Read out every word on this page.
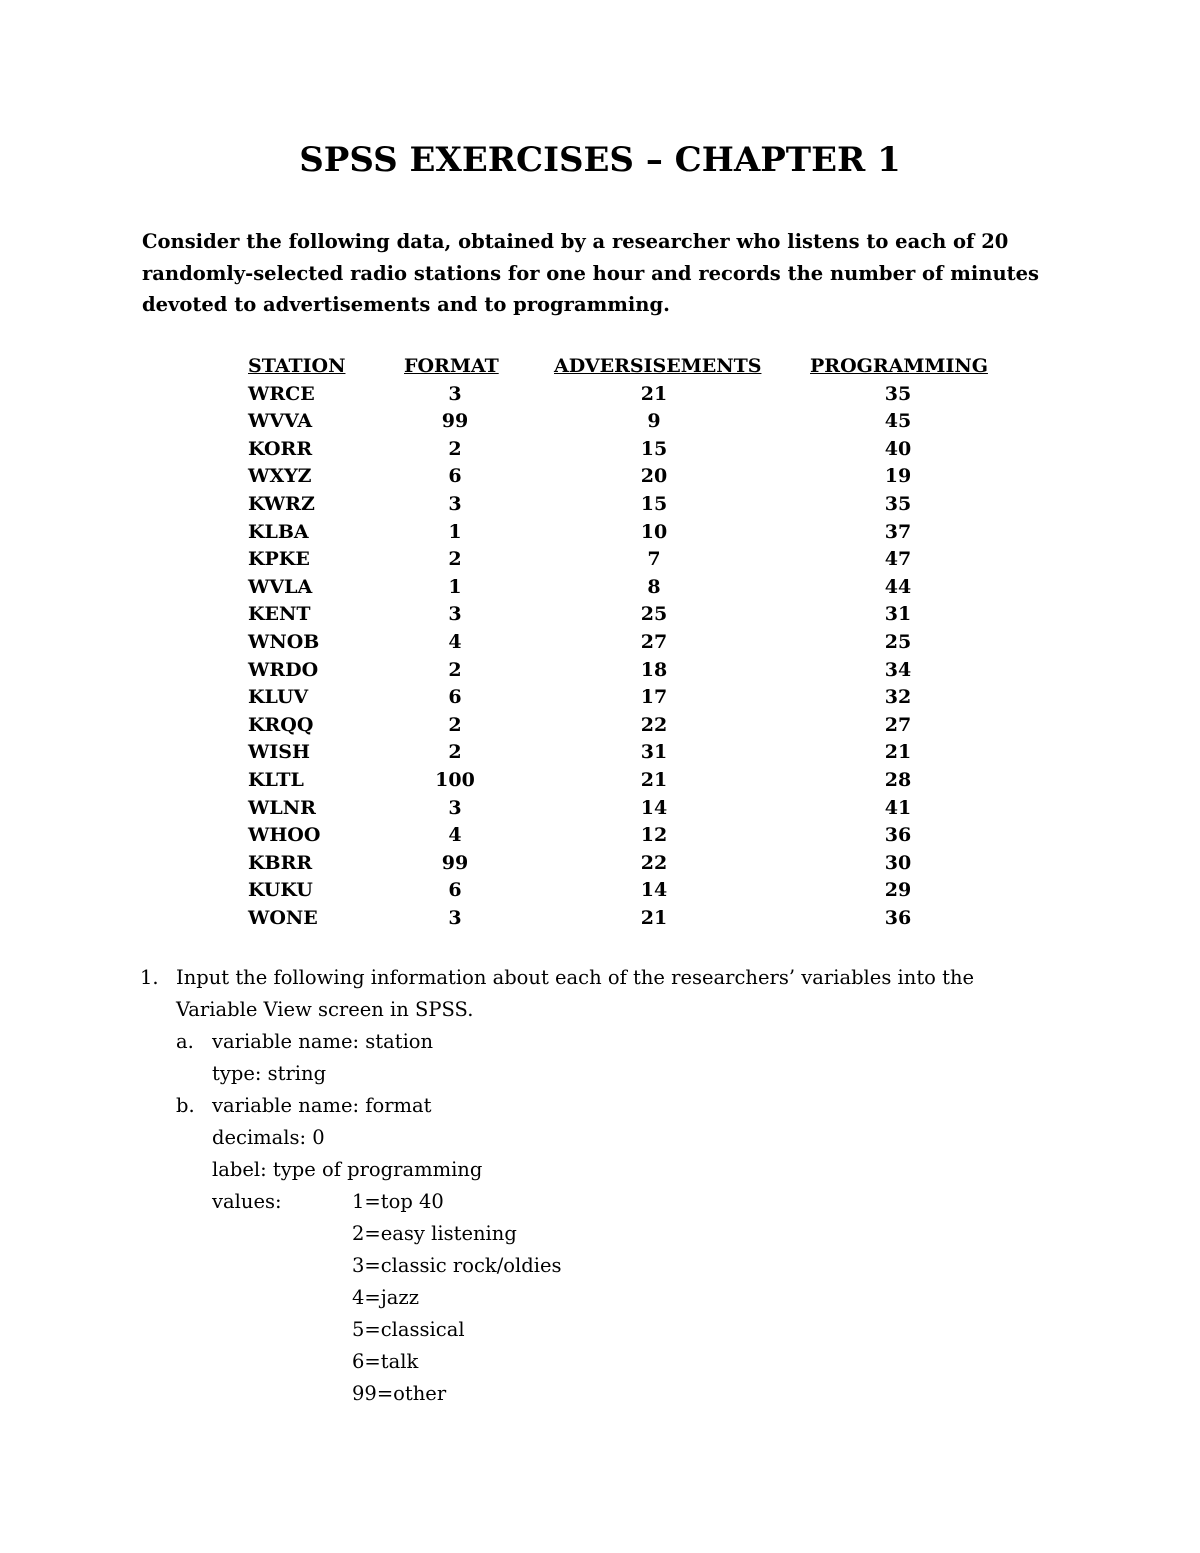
SPSS EXERCISES – CHAPTER 1
Consider the following data, obtained by a researcher who listens to each of 20
randomly-selected radio stations for one hour and records the number of minutes
devoted to advertisements and to programming.
STATION	FORMAT	ADVERSISEMENTS	PROGRAMMING
WRCE	3	21	35
WVVA	99	9	45
KORR	2	15	40
WXYZ	6	20	19
KWRZ	3	15	35
KLBA	1	10	37
KPKE	2	7	47
WVLA	1	8	44
KENT	3	25	31
WNOB	4	27	25
WRDO	2	18	34
KLUV	6	17	32
KRQQ	2	22	27
WISH	2	31	21
KLTL	100	21	28
WLNR	3	14	41
WHOO	4	12	36
KBRR	99	22	30
KUKU	6	14	29
WONE	3	21	36
1. Input the following information about each of the researchers’ variables into the
Variable View screen in SPSS.
a. variable name: station
type: string
b. variable name: format
decimals: 0
label: type of programming
values:	1=top 40
2=easy listening
3=classic rock/oldies
4=jazz
5=classical
6=talk
99=other
